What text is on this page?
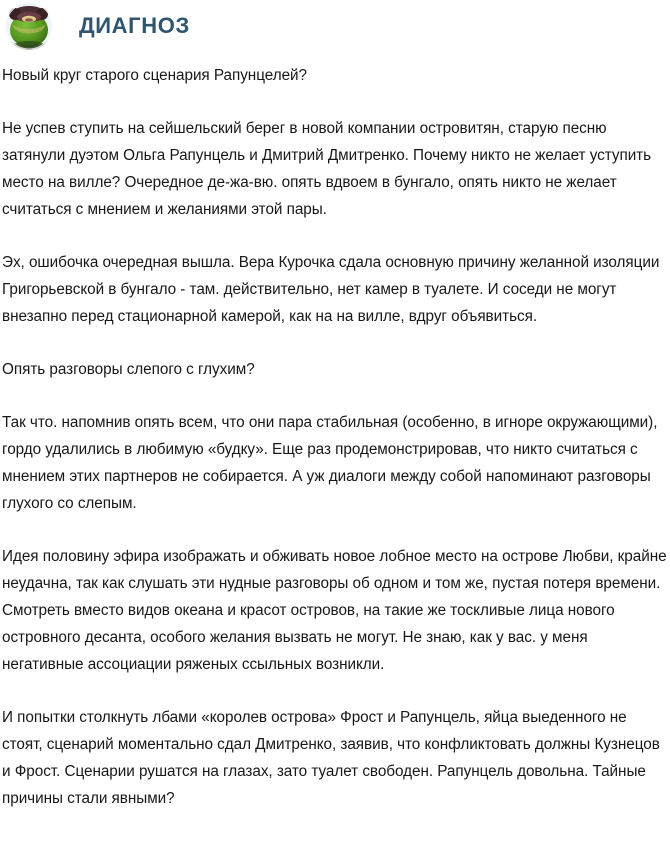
ДИАГНОЗ

Новый круг старого сценария Рапунцелей?

Не успев ступить на сейшельский берег в новой компании островитян, старую песню затянули дуэтом Ольга Рапунцель и Дмитрий Дмитренко. Почему никто не желает уступить место на вилле? Очередное де-жа-вю. опять вдвоем в бунгало, опять никто не желает считаться с мнением и желаниями этой пары.

Эх, ошибочка очередная вышла. Вера Курочка сдала основную причину желанной изоляции Григорьевской в бунгало - там. действительно, нет камер в туалете. И соседи не могут внезапно перед стационарной камерой, как на на вилле, вдруг объявиться.

Опять разговоры слепого с глухим?

Так что. напомнив опять всем, что они пара стабильная (особенно, в игноре окружающими), гордо удалились в любимую «будку». Еще раз продемонстрировав, что никто считаться с мнением этих партнеров не собирается. А уж диалоги между собой напоминают разговоры глухого со слепым.

Идея половину эфира изображать и обживать новое лобное место на острове Любви, крайне неудачна, так как слушать эти нудные разговоры об одном и том же, пустая потеря времени. Смотреть вместо видов океана и красот островов, на такие же тоскливые лица нового островного десанта, особого желания вызвать не могут. Не знаю, как у вас. у меня негативные ассоциации ряженых ссыльных возникли.

И попытки столкнуть лбами «королев острова» Фрост и Рапунцель, яйца выеденного не стоят, сценарий моментально сдал Дмитренко, заявив, что конфликтовать должны Кузнецов и Фрост. Сценарии рушатся на глазах, зато туалет свободен. Рапунцель довольна. Тайные причины стали явными?
